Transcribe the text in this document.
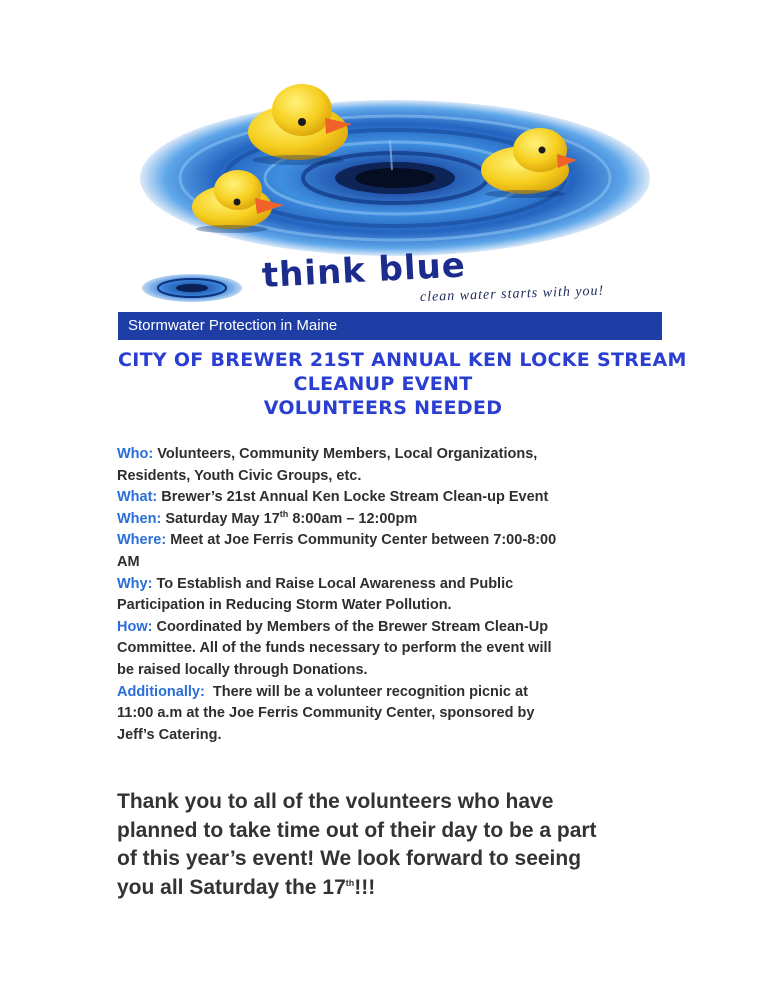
think blue
clean water starts with you!
Stormwater Protection in Maine
CITY OF BREWER 21ST ANNUAL KEN LOCKE STREAM
CLEANUP EVENT
VOLUNTEERS NEEDED
Who: Volunteers, Community Members, Local Organizations,
Residents, Youth Civic Groups, etc.
What: Brewer’s 21st Annual Ken Locke Stream Clean-up Event
When: Saturday May 17th 8:00am – 12:00pm
Where: Meet at Joe Ferris Community Center between 7:00-8:00
AM
Why: To Establish and Raise Local Awareness and Public
Participation in Reducing Storm Water Pollution.
How: Coordinated by Members of the Brewer Stream Clean-Up
Committee. All of the funds necessary to perform the event will
be raised locally through Donations.
Additionally: There will be a volunteer recognition picnic at
11:00 a.m at the Joe Ferris Community Center, sponsored by
Jeff’s Catering.
Thank you to all of the volunteers who have
planned to take time out of their day to be a part
of this year’s event! We look forward to seeing
you all Saturday the 17th!!!
